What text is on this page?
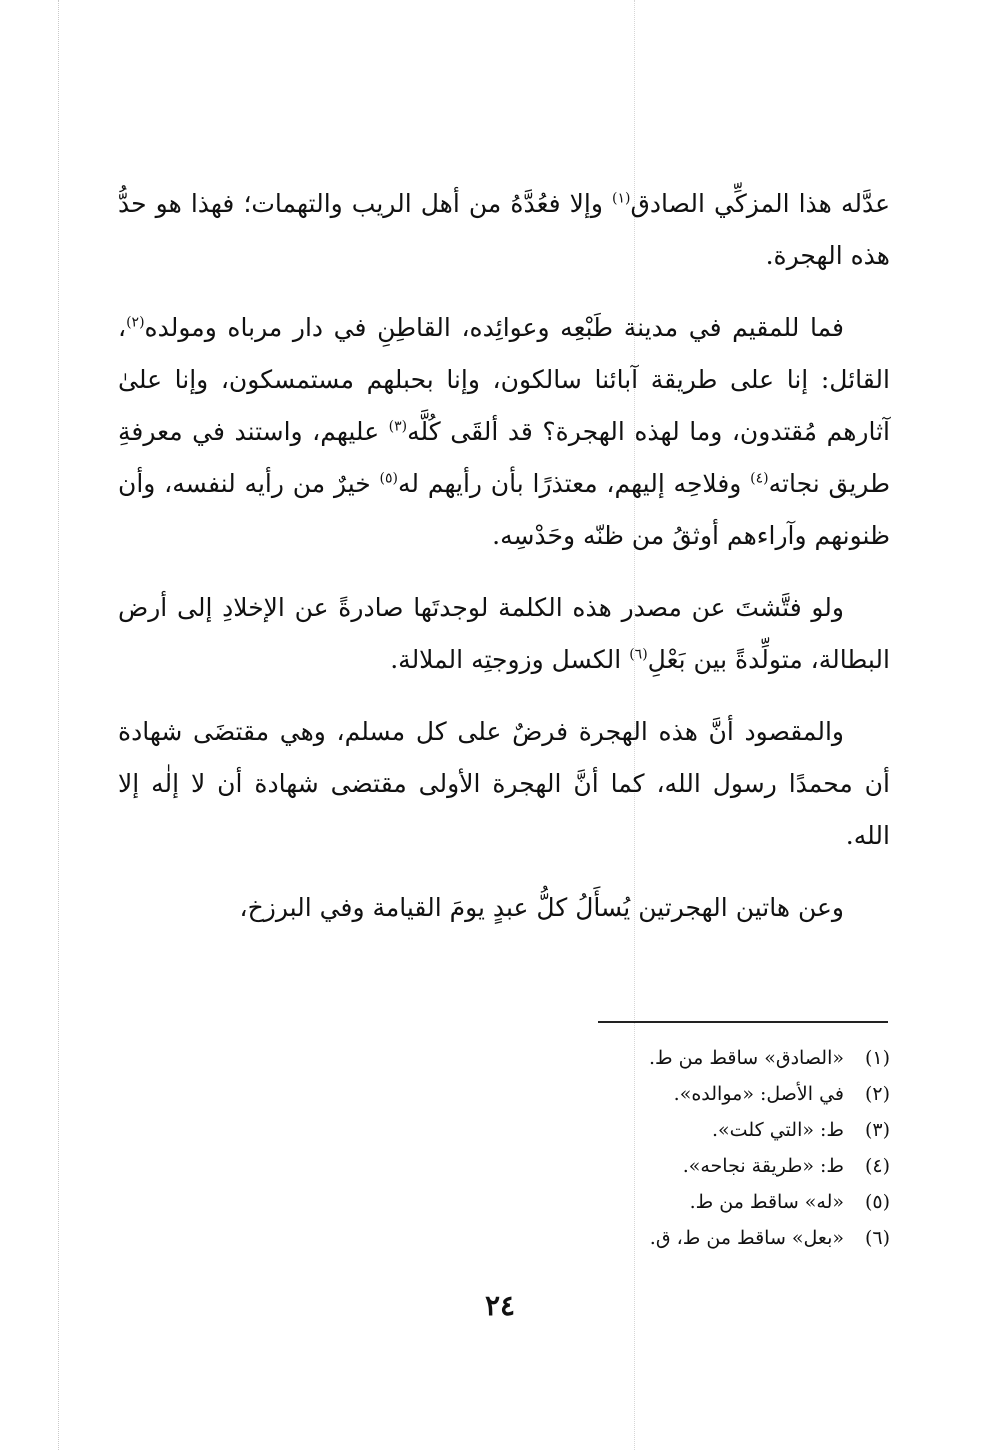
عدَّله هذا المزكِّي الصادق$^{(١)}$ وإلا فعُدَّهُ من أهل الريب والتهمات؛ فهذا هو حدُّ هذه الهجرة.

فما للمقيم في مدينة طَبْعِه وعوائِده، القاطِنِ في دار مرباه ومولده$^{(٢)}$، القائل: إنا على طريقة آبائنا سالكون، وإنا بحبلهم مستمسكون، وإنا علىٰ آثارهم مُقتدون، وما لهذه الهجرة؟ قد ألقَى كُلَّه$^{(٣)}$ عليهم، واستند في معرفةِ طريق نجاته$^{(٤)}$ وفلاحِه إليهم، معتذرًا بأن رأيهم له$^{(٥)}$ خيرٌ من رأيه لنفسه، وأن ظنونهم وآراءهم أوثقُ من ظنّه وحَدْسِه.

ولو فتَّشتَ عن مصدر هذه الكلمة لوجدتَها صادرةً عن الإخلادِ إلى أرض البطالة، متولِّدةً بين بَعْلِ$^{(٦)}$ الكسل وزوجتِه الملالة.

والمقصود أنَّ هذه الهجرة فرضٌ على كل مسلم، وهي مقتضَى شهادة أن محمدًا رسول الله، كما أنَّ الهجرة الأولى مقتضى شهادة أن لا إلٰه إلا الله.

وعن هاتين الهجرتين يُسأَلُ كلُّ عبدٍ يومَ القيامة وفي البرزخ،

(١)«الصادق» ساقط من ط.
(٢)في الأصل: «موالده».
(٣)ط: «التي كلت».
(٤)ط: «طريقة نجاحه».
(٥)«له» ساقط من ط.
(٦)«بعل» ساقط من ط، ق.
٢٤
